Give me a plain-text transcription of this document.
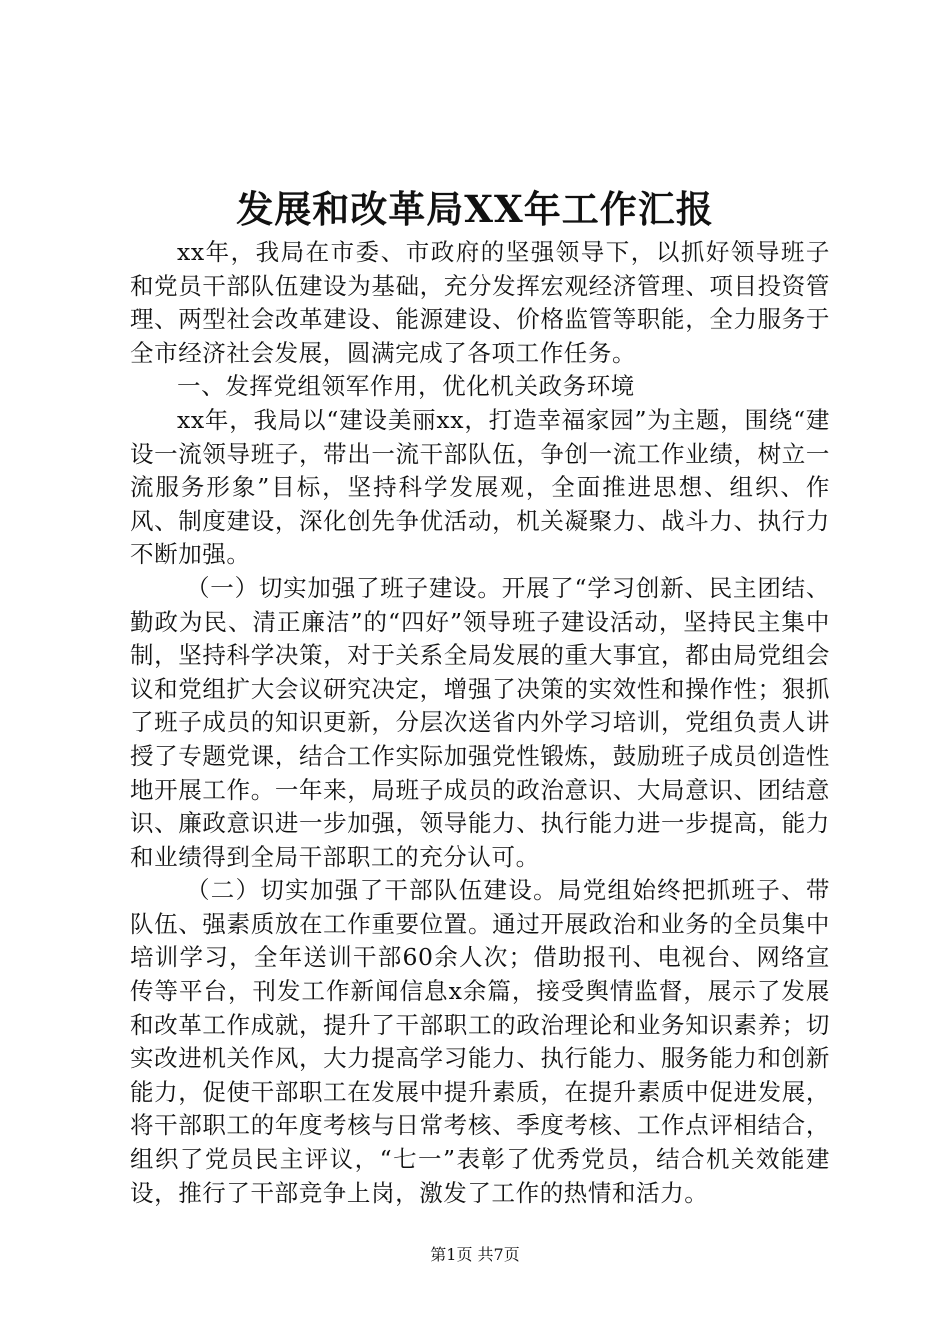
发展和改革局XX年工作汇报

xx年，我局在市委、市政府的坚强领导下，以抓好领导班子和党员干部队伍建设为基础，充分发挥宏观经济管理、项目投资管理、两型社会改革建设、能源建设、价格监管等职能，全力服务于全市经济社会发展，圆满完成了各项工作任务。

一、发挥党组领军作用，优化机关政务环境

xx年，我局以“建设美丽xx，打造幸福家园”为主题，围绕“建设一流领导班子，带出一流干部队伍，争创一流工作业绩，树立一流服务形象”目标，坚持科学发展观，全面推进思想、组织、作风、制度建设，深化创先争优活动，机关凝聚力、战斗力、执行力不断加强。

（一）切实加强了班子建设。开展了“学习创新、民主团结、勤政为民、清正廉洁”的“四好”领导班子建设活动，坚持民主集中制，坚持科学决策，对于关系全局发展的重大事宜，都由局党组会议和党组扩大会议研究决定，增强了决策的实效性和操作性；狠抓了班子成员的知识更新，分层次送省内外学习培训，党组负责人讲授了专题党课，结合工作实际加强党性锻炼，鼓励班子成员创造性地开展工作。一年来，局班子成员的政治意识、大局意识、团结意识、廉政意识进一步加强，领导能力、执行能力进一步提高，能力和业绩得到全局干部职工的充分认可。

（二）切实加强了干部队伍建设。局党组始终把抓班子、带队伍、强素质放在工作重要位置。通过开展政治和业务的全员集中培训学习，全年送训干部60余人次；借助报刊、电视台、网络宣传等平台，刊发工作新闻信息x余篇，接受舆情监督，展示了发展和改革工作成就，提升了干部职工的政治理论和业务知识素养；切实改进机关作风，大力提高学习能力、执行能力、服务能力和创新能力，促使干部职工在发展中提升素质，在提升素质中促进发展，将干部职工的年度考核与日常考核、季度考核、工作点评相结合，组织了党员民主评议，“七一”表彰了优秀党员，结合机关效能建设，推行了干部竞争上岗，激发了工作的热情和活力。

第1页 共7页
